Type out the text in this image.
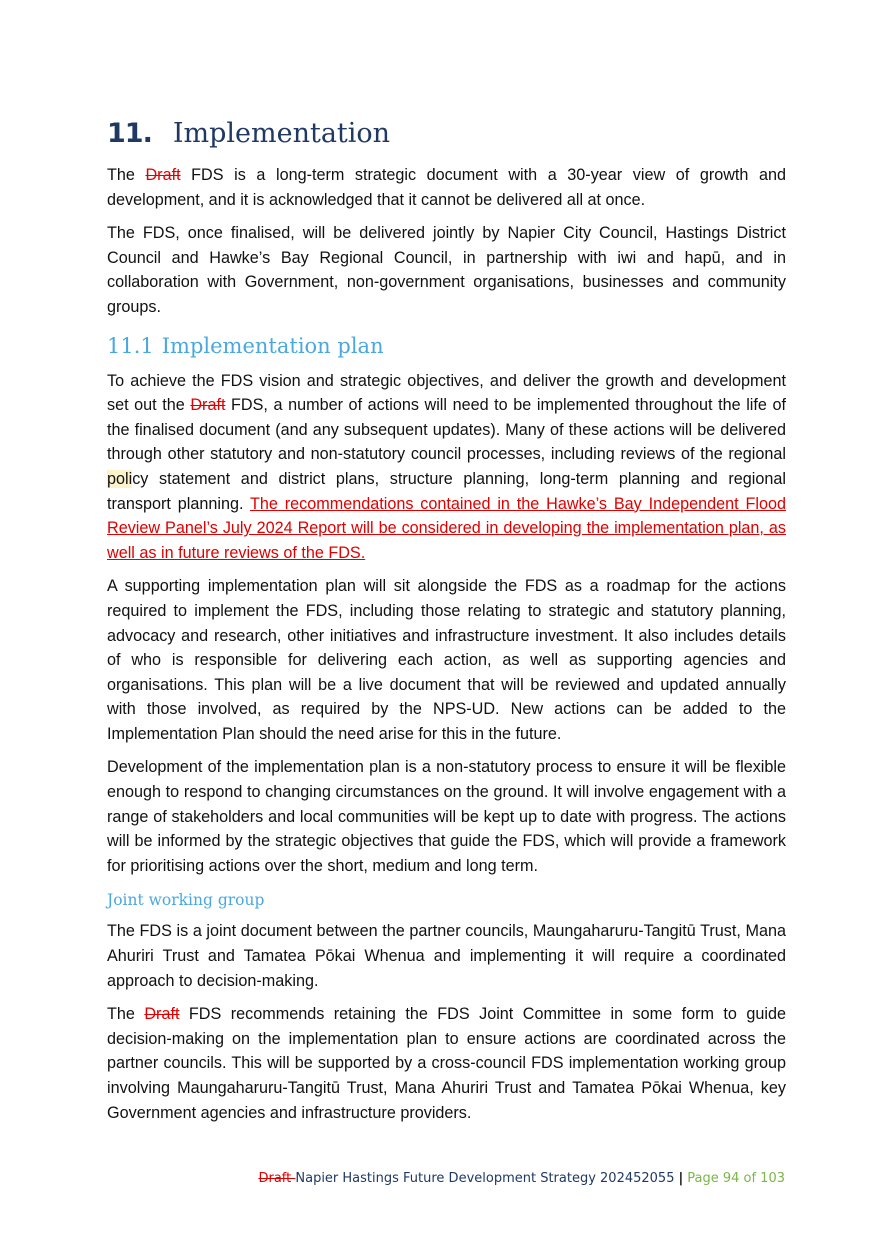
11. Implementation

The Draft FDS is a long-term strategic document with a 30-year view of growth and development, and it is acknowledged that it cannot be delivered all at once.

The FDS, once finalised, will be delivered jointly by Napier City Council, Hastings District Council and Hawke’s Bay Regional Council, in partnership with iwi and hapū, and in collaboration with Government, non-government organisations, businesses and community groups.

11.1 Implementation plan

To achieve the FDS vision and strategic objectives, and deliver the growth and development set out the Draft FDS, a number of actions will need to be implemented throughout the life of the finalised document (and any subsequent updates). Many of these actions will be delivered through other statutory and non-statutory council processes, including reviews of the regional policy statement and district plans, structure planning, long-term planning and regional transport planning. The recommendations contained in the Hawke’s Bay Independent Flood Review Panel’s July 2024 Report will be considered in developing the implementation plan, as well as in future reviews of the FDS.

A supporting implementation plan will sit alongside the FDS as a roadmap for the actions required to implement the FDS, including those relating to strategic and statutory planning, advocacy and research, other initiatives and infrastructure investment. It also includes details of who is responsible for delivering each action, as well as supporting agencies and organisations. This plan will be a live document that will be reviewed and updated annually with those involved, as required by the NPS-UD. New actions can be added to the Implementation Plan should the need arise for this in the future.

Development of the implementation plan is a non-statutory process to ensure it will be flexible enough to respond to changing circumstances on the ground. It will involve engagement with a range of stakeholders and local communities will be kept up to date with progress. The actions will be informed by the strategic objectives that guide the FDS, which will provide a framework for prioritising actions over the short, medium and long term.

Joint working group

The FDS is a joint document between the partner councils, Maungaharuru-Tangitū Trust, Mana Ahuriri Trust and Tamatea Pōkai Whenua and implementing it will require a coordinated approach to decision-making.

The Draft FDS recommends retaining the FDS Joint Committee in some form to guide decision-making on the implementation plan to ensure actions are coordinated across the partner councils. This will be supported by a cross-council FDS implementation working group involving Maungaharuru-Tangitū Trust, Mana Ahuriri Trust and Tamatea Pōkai Whenua, key Government agencies and infrastructure providers.

Draft Napier Hastings Future Development Strategy 202452055 | Page 94 of 103
